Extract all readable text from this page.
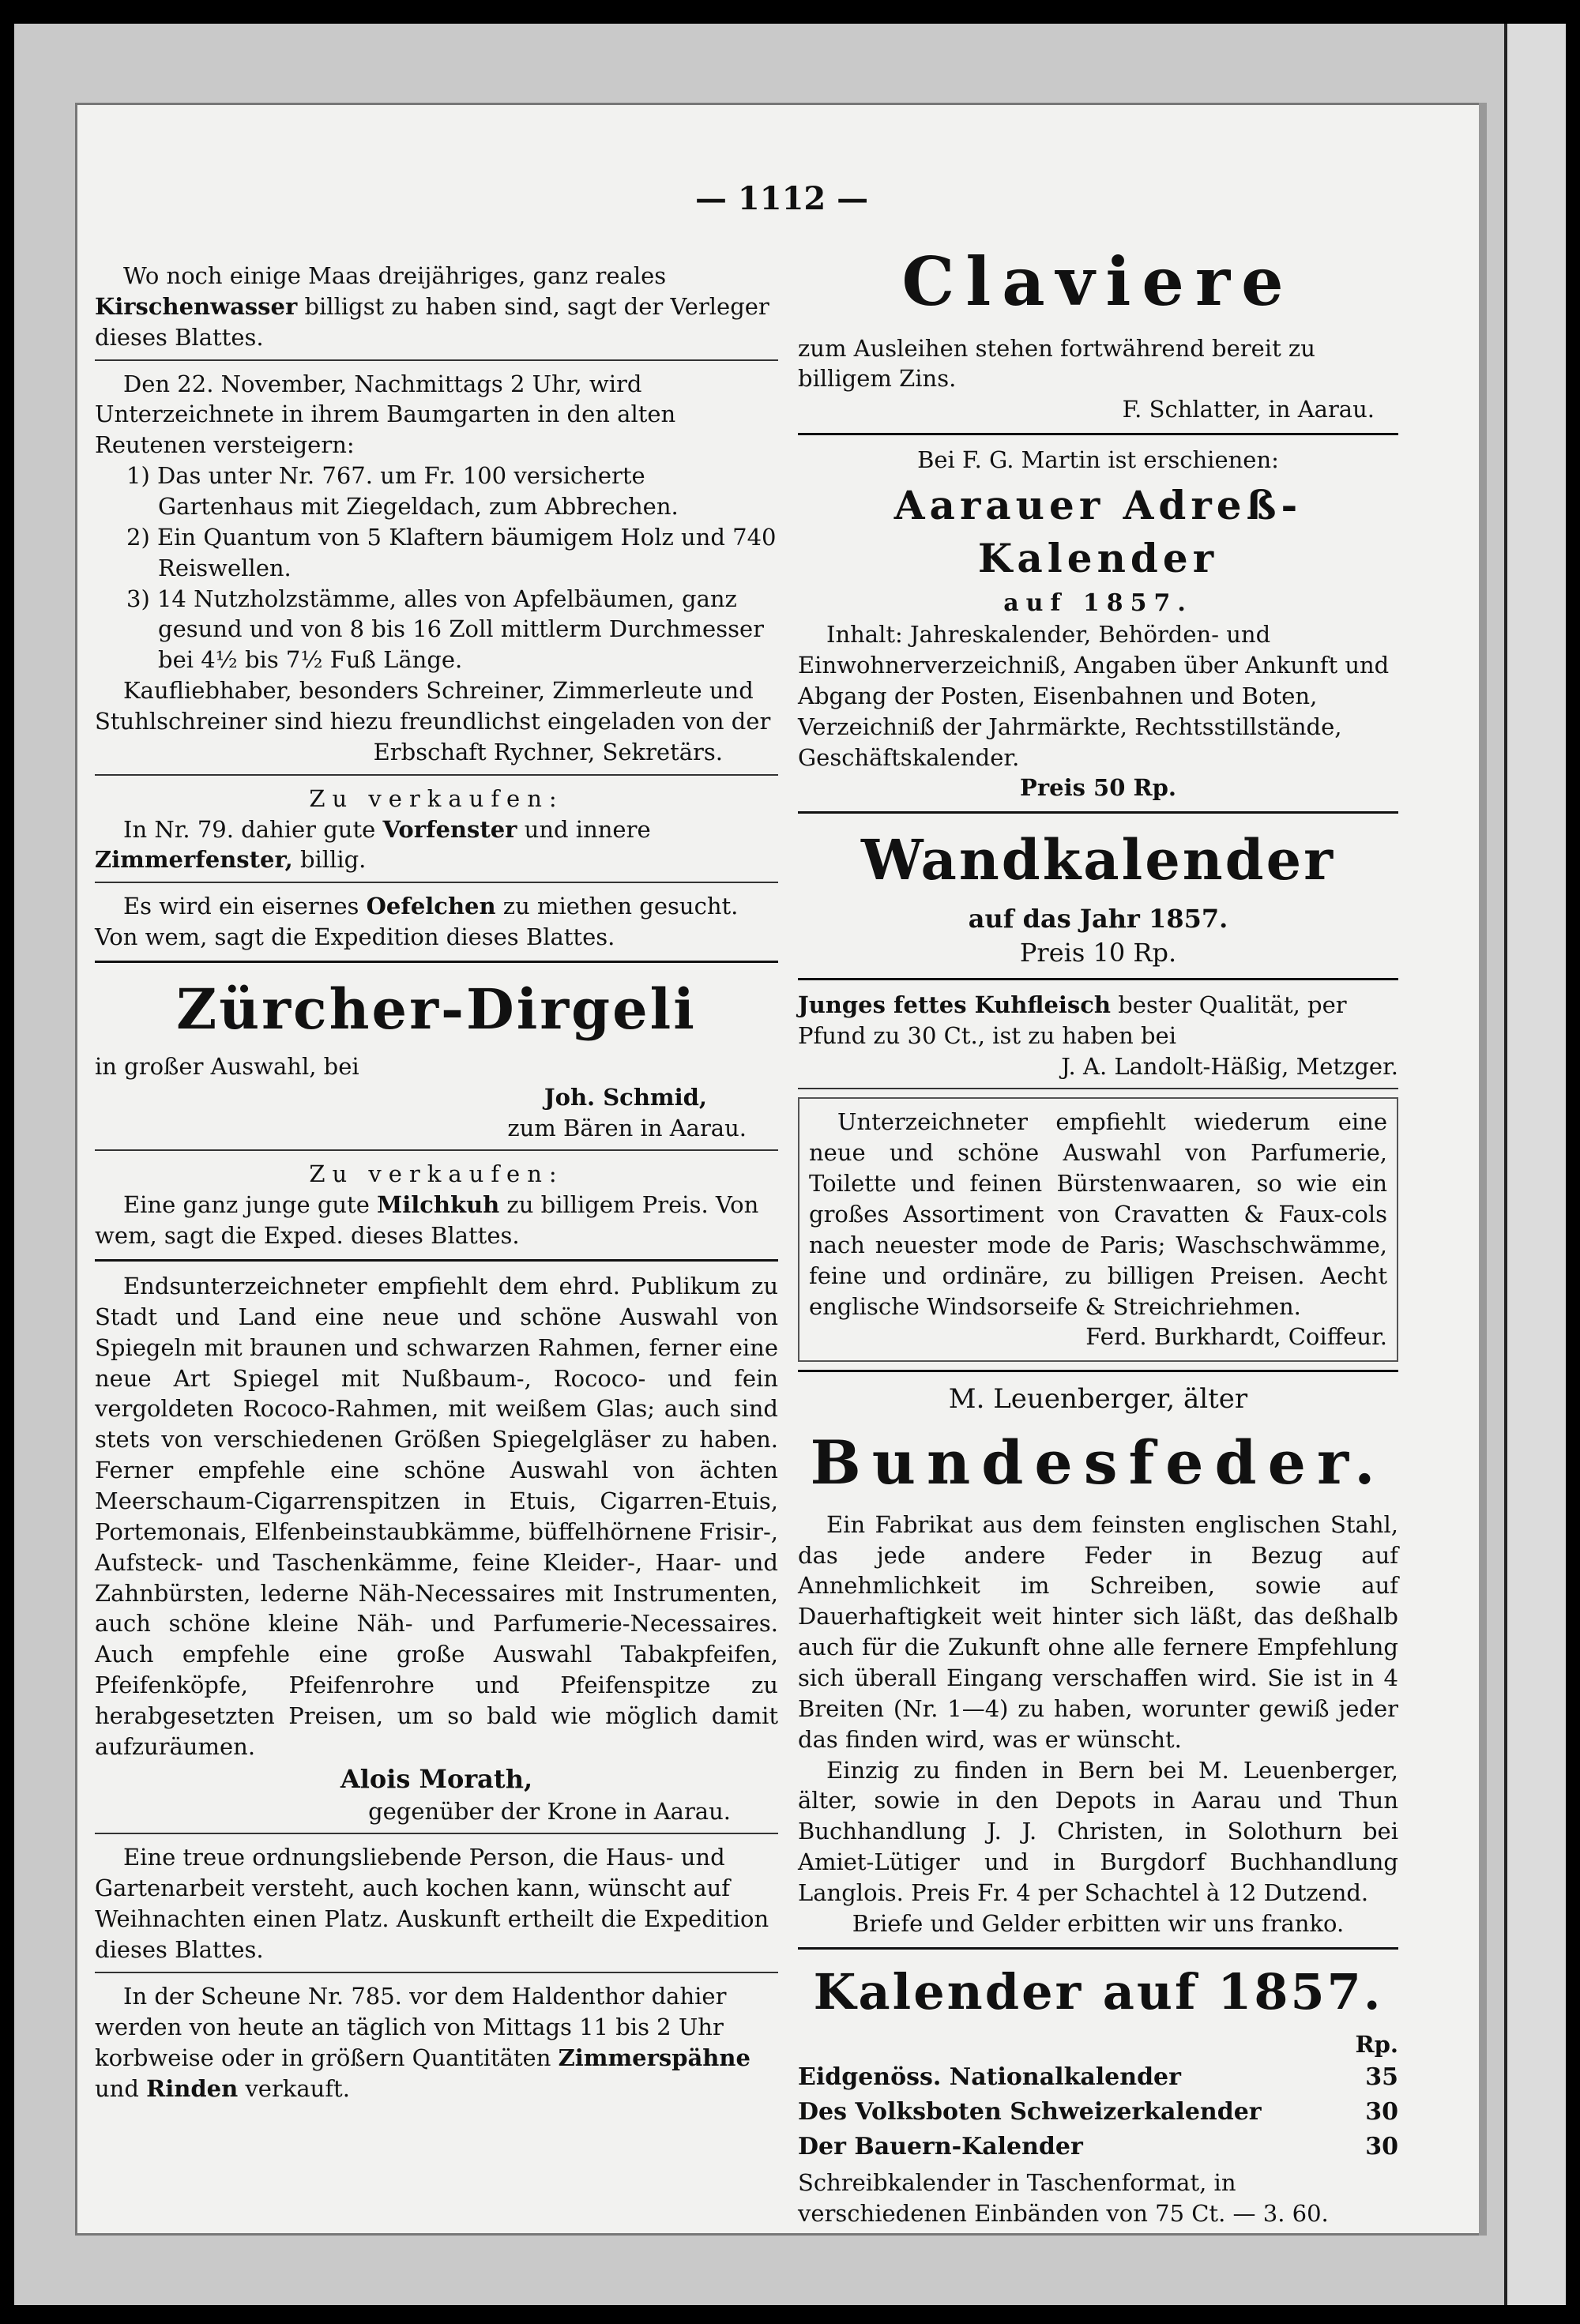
— 1112 —

Wo noch einige Maas dreijähriges, ganz reales Kirschenwasser billigst zu haben sind, sagt der Verleger dieses Blattes.

Den 22. November, Nachmittags 2 Uhr, wird Unterzeichnete in ihrem Baumgarten in den alten Reutenen versteigern:

1) Das unter Nr. 767. um Fr. 100 versicherte Gartenhaus mit Ziegeldach, zum Abbrechen.

2) Ein Quantum von 5 Klaftern bäumigem Holz und 740 Reiswellen.

3) 14 Nutzholzstämme, alles von Apfelbäumen, ganz gesund und von 8 bis 16 Zoll mittlerm Durchmesser bei 4½ bis 7½ Fuß Länge.

Kaufliebhaber, besonders Schreiner, Zimmerleute und Stuhlschreiner sind hiezu freundlichst eingeladen von der

Erbschaft Rychner, Sekretärs.

Zu verkaufen:

In Nr. 79. dahier gute Vorfenster und innere Zimmerfenster, billig.

Es wird ein eisernes Oefelchen zu miethen gesucht. Von wem, sagt die Expedition dieses Blattes.

Zürcher-Dirgeli

in großer Auswahl, bei

Joh. Schmid,

zum Bären in Aarau.

Zu verkaufen:

Eine ganz junge gute Milchkuh zu billigem Preis. Von wem, sagt die Exped. dieses Blattes.

Endsunterzeichneter empfiehlt dem ehrd. Publikum zu Stadt und Land eine neue und schöne Auswahl von Spiegeln mit braunen und schwarzen Rahmen, ferner eine neue Art Spiegel mit Nußbaum-, Rococo- und fein vergoldeten Rococo-Rahmen, mit weißem Glas; auch sind stets von verschiedenen Größen Spiegelgläser zu haben. Ferner empfehle eine schöne Auswahl von ächten Meerschaum-Cigarrenspitzen in Etuis, Cigarren-Etuis, Portemonais, Elfenbeinstaubkämme, büffelhörnene Frisir-, Aufsteck- und Taschenkämme, feine Kleider-, Haar- und Zahnbürsten, lederne Näh-Necessaires mit Instrumenten, auch schöne kleine Näh- und Parfumerie-Necessaires. Auch empfehle eine große Auswahl Tabakpfeifen, Pfeifenköpfe, Pfeifenrohre und Pfeifenspitze zu herabgesetzten Preisen, um so bald wie möglich damit aufzuräumen.

Alois Morath,

gegenüber der Krone in Aarau.

Eine treue ordnungsliebende Person, die Haus- und Gartenarbeit versteht, auch kochen kann, wünscht auf Weihnachten einen Platz. Auskunft ertheilt die Expedition dieses Blattes.

In der Scheune Nr. 785. vor dem Haldenthor dahier werden von heute an täglich von Mittags 11 bis 2 Uhr korbweise oder in größern Quantitäten Zimmerspähne und Rinden verkauft.

Claviere

zum Ausleihen stehen fortwährend bereit zu billigem Zins.

F. Schlatter, in Aarau.

Bei F. G. Martin ist erschienen:

Aarauer Adreß-Kalender

auf 1857.

Inhalt: Jahreskalender, Behörden- und Einwohnerverzeichniß, Angaben über Ankunft und Abgang der Posten, Eisenbahnen und Boten, Verzeichniß der Jahrmärkte, Rechtsstillstände, Geschäftskalender.

Preis 50 Rp.

Wandkalender

auf das Jahr 1857.

Preis 10 Rp.

Junges fettes Kuhfleisch bester Qualität, per Pfund zu 30 Ct., ist zu haben bei

J. A. Landolt-Häßig, Metzger.

Unterzeichneter empfiehlt wiederum eine neue und schöne Auswahl von Parfumerie, Toilette und feinen Bürstenwaaren, so wie ein großes Assortiment von Cravatten & Faux-cols nach neuester mode de Paris; Waschschwämme, feine und ordinäre, zu billigen Preisen. Aecht englische Windsorseife & Streichriehmen.

Ferd. Burkhardt, Coiffeur.

M. Leuenberger, älter

Bundesfeder.

Ein Fabrikat aus dem feinsten englischen Stahl, das jede andere Feder in Bezug auf Annehmlichkeit im Schreiben, sowie auf Dauerhaftigkeit weit hinter sich läßt, das deßhalb auch für die Zukunft ohne alle fernere Empfehlung sich überall Eingang verschaffen wird. Sie ist in 4 Breiten (Nr. 1—4) zu haben, worunter gewiß jeder das finden wird, was er wünscht.

Einzig zu finden in Bern bei M. Leuenberger, älter, sowie in den Depots in Aarau und Thun Buchhandlung J. J. Christen, in Solothurn bei Amiet-Lütiger und in Burgdorf Buchhandlung Langlois. Preis Fr. 4 per Schachtel à 12 Dutzend.

Briefe und Gelder erbitten wir uns franko.

Kalender auf 1857.

Rp.

Eidgenöss. Nationalkalender	35
Des Volksboten Schweizerkalender	30
Der Bauern-Kalender	30

Schreibkalender in Taschenformat, in verschiedenen Einbänden von 75 Ct. — 3. 60.
